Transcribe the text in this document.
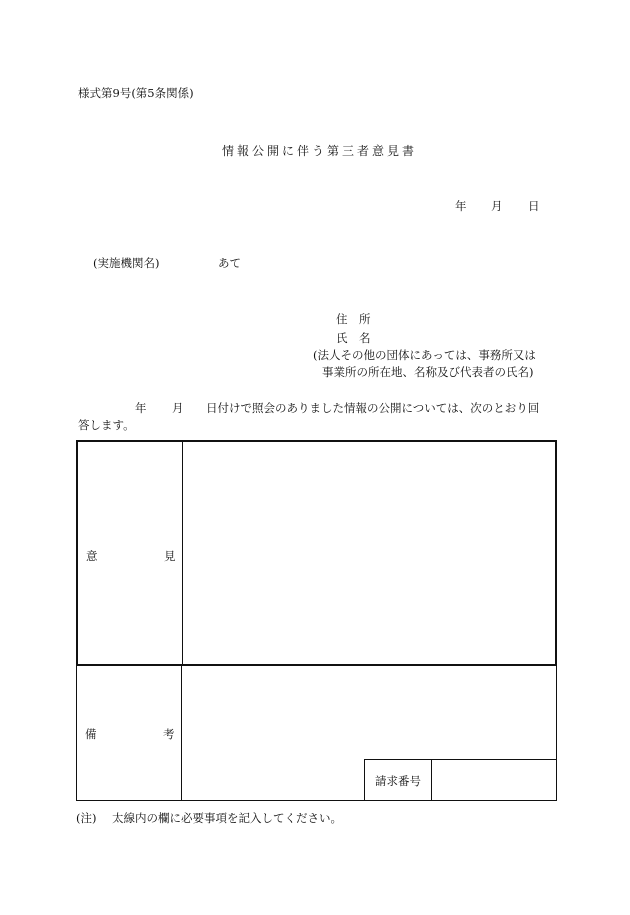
様式第9号(第5条関係)
情報公開に伴う第三者意見書
年 月 日
(実施機関名)	あて
住　所
氏　名
(法人その他の団体にあっては、事務所又は
事業所の所在地、名称及び代表者の氏名)
年 月 日付けで照会のありました情報の公開については、次のとおり回
答します。
意	見
備	考
請求番号
(注) 太線内の欄に必要事項を記入してください。
